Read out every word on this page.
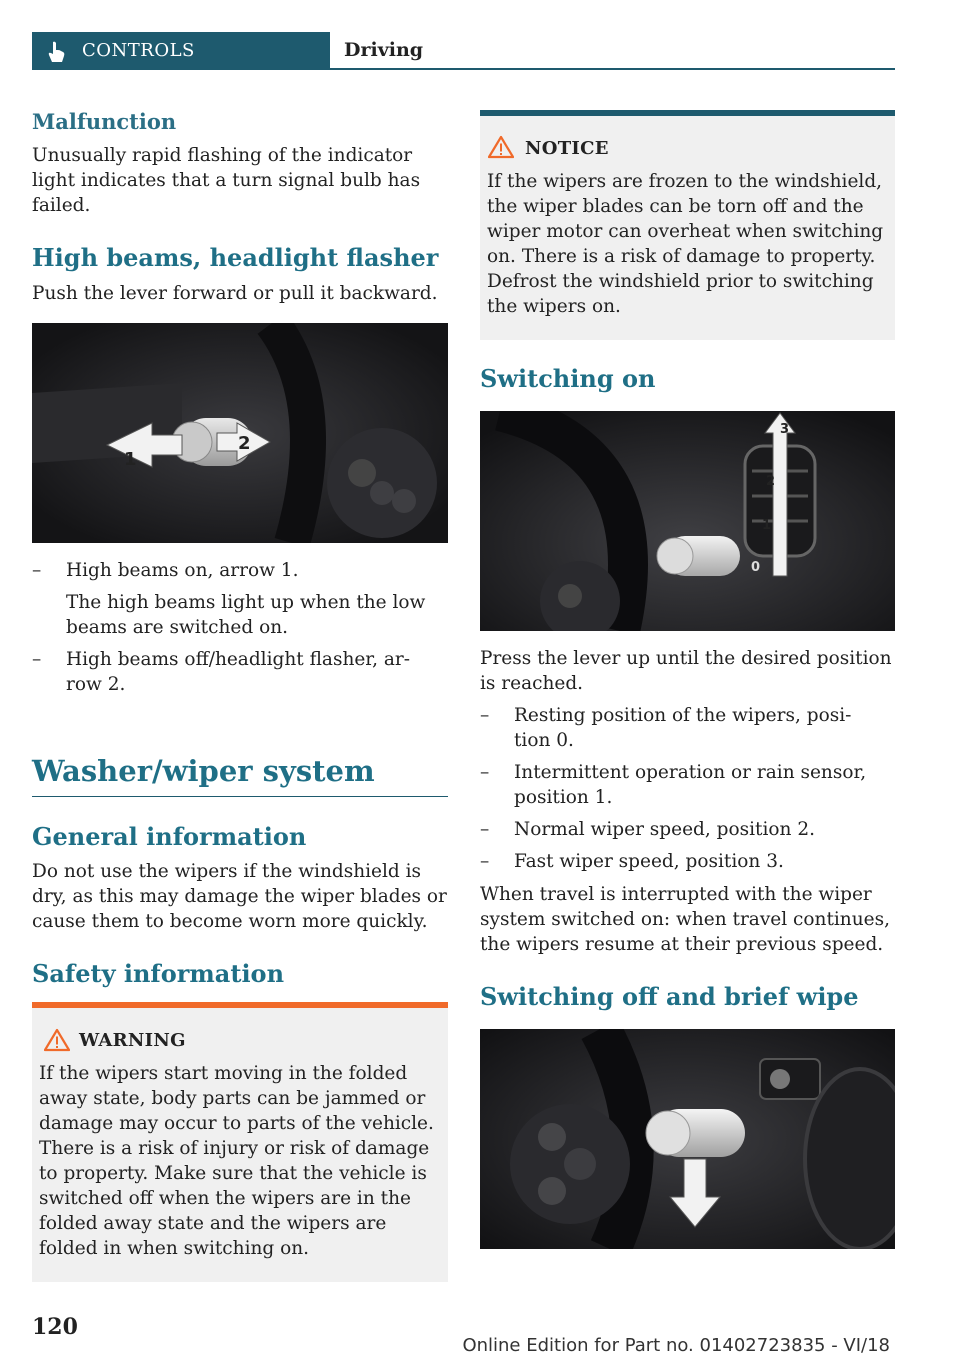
CONTROLS	Driving
Malfunction
Unusually rapid flashing of the indicator
light indicates that a turn signal bulb has
failed.
High beams, headlight flasher
Push the lever forward or pull it backward.
1
2
– High beams on, arrow 1.
The high beams light up when the low
beams are switched on.
– High beams off/headlight flasher, ar-
row 2.
Washer/wiper system
General information
Do not use the wipers if the windshield is
dry, as this may damage the wiper blades or
cause them to become worn more quickly.
Safety information
WARNING
If the wipers start moving in the folded
away state, body parts can be jammed or
damage may occur to parts of the vehicle.
There is a risk of injury or risk of damage
to property. Make sure that the vehicle is
switched off when the wipers are in the
folded away state and the wipers are
folded in when switching on.
NOTICE
If the wipers are frozen to the windshield,
the wiper blades can be torn off and the
wiper motor can overheat when switching
on. There is a risk of damage to property.
Defrost the windshield prior to switching
the wipers on.
Switching on
3
2
1
0
Press the lever up until the desired position
is reached.
– Resting position of the wipers, posi-
tion 0.
– Intermittent operation or rain sensor,
position 1.
– Normal wiper speed, position 2.
– Fast wiper speed, position 3.
When travel is interrupted with the wiper
system switched on: when travel continues,
the wipers resume at their previous speed.
Switching off and brief wipe
120
Online Edition for Part no. 01402723835 - VI/18
